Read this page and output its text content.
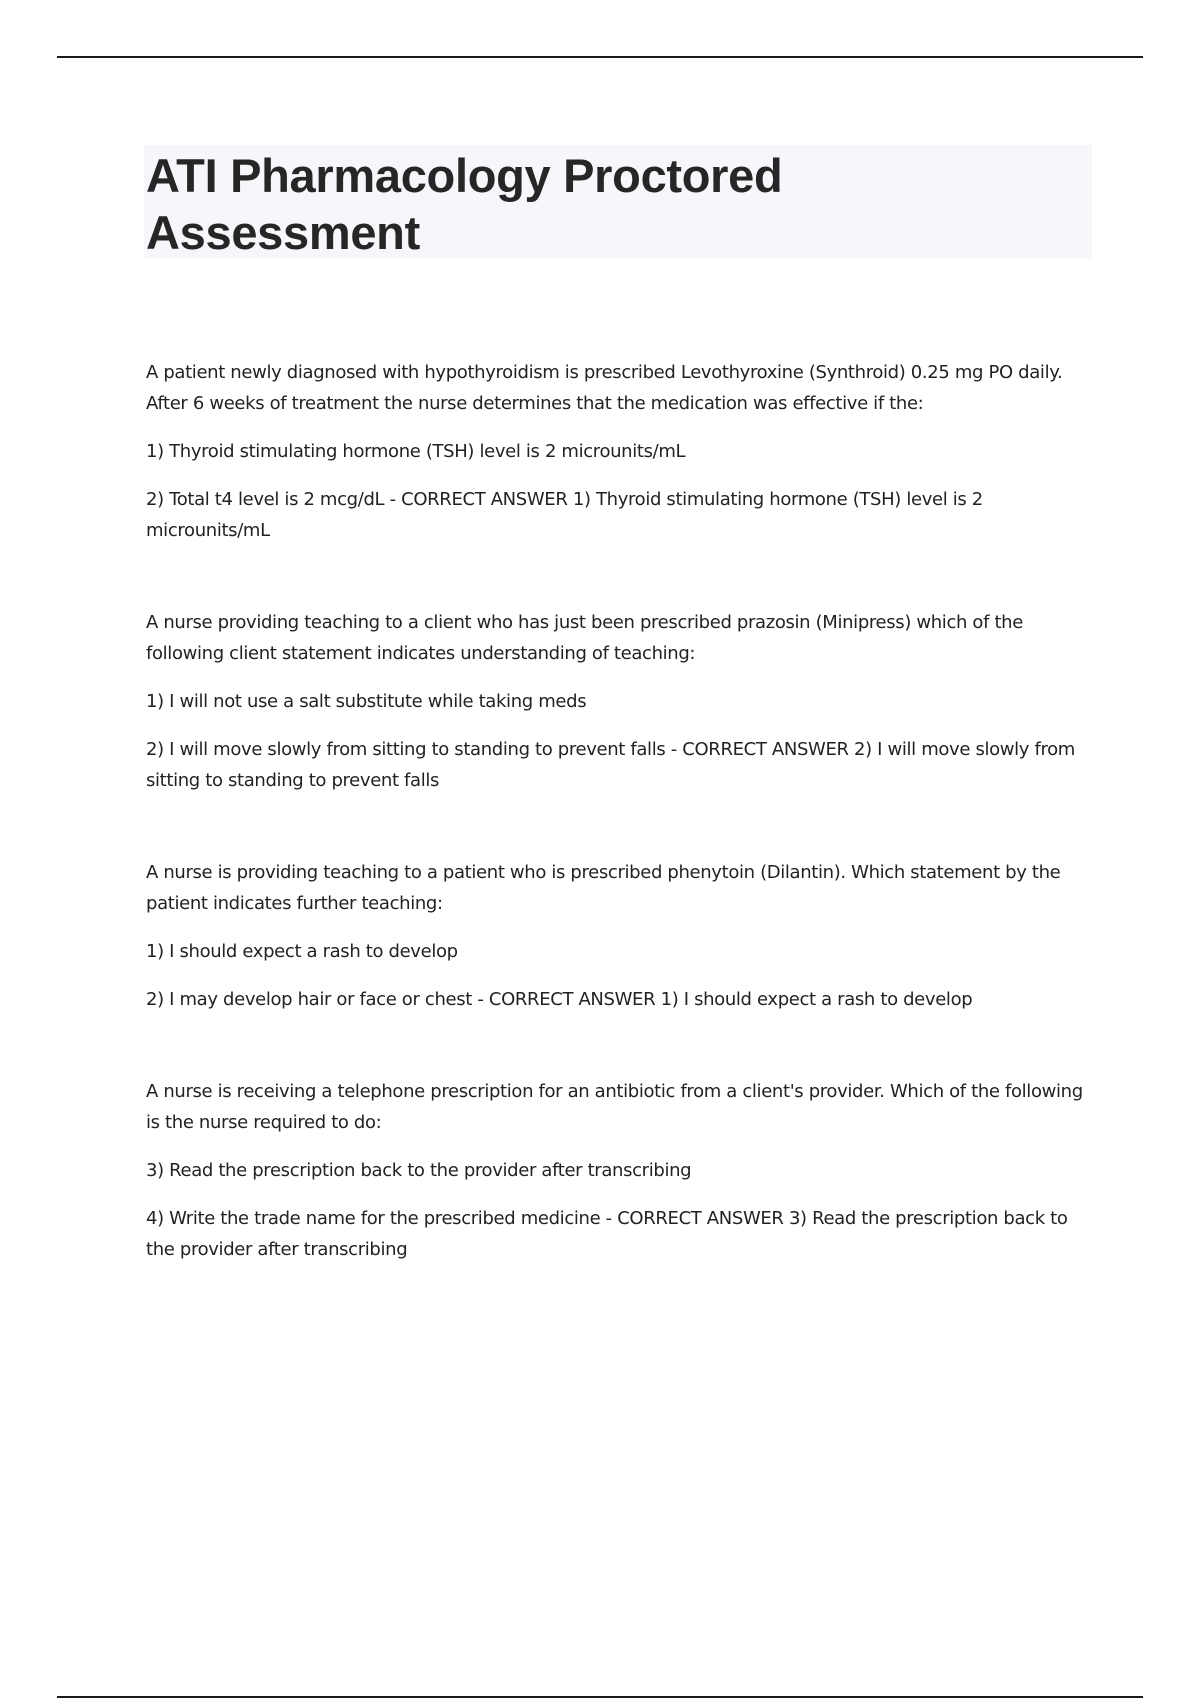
ATI Pharmacology Proctored Assessment

A patient newly diagnosed with hypothyroidism is prescribed Levothyroxine (Synthroid) 0.25 mg PO daily. After 6 weeks of treatment the nurse determines that the medication was effective if the:

1) Thyroid stimulating hormone (TSH) level is 2 microunits/mL

2) Total t4 level is 2 mcg/dL - CORRECT ANSWER 1) Thyroid stimulating hormone (TSH) level is 2 microunits/mL

A nurse providing teaching to a client who has just been prescribed prazosin (Minipress) which of the following client statement indicates understanding of teaching:

1) I will not use a salt substitute while taking meds

2) I will move slowly from sitting to standing to prevent falls - CORRECT ANSWER 2) I will move slowly from sitting to standing to prevent falls

A nurse is providing teaching to a patient who is prescribed phenytoin (Dilantin). Which statement by the patient indicates further teaching:

1) I should expect a rash to develop

2) I may develop hair or face or chest - CORRECT ANSWER 1) I should expect a rash to develop

A nurse is receiving a telephone prescription for an antibiotic from a client's provider. Which of the following is the nurse required to do:

3) Read the prescription back to the provider after transcribing

4) Write the trade name for the prescribed medicine - CORRECT ANSWER 3) Read the prescription back to the provider after transcribing
